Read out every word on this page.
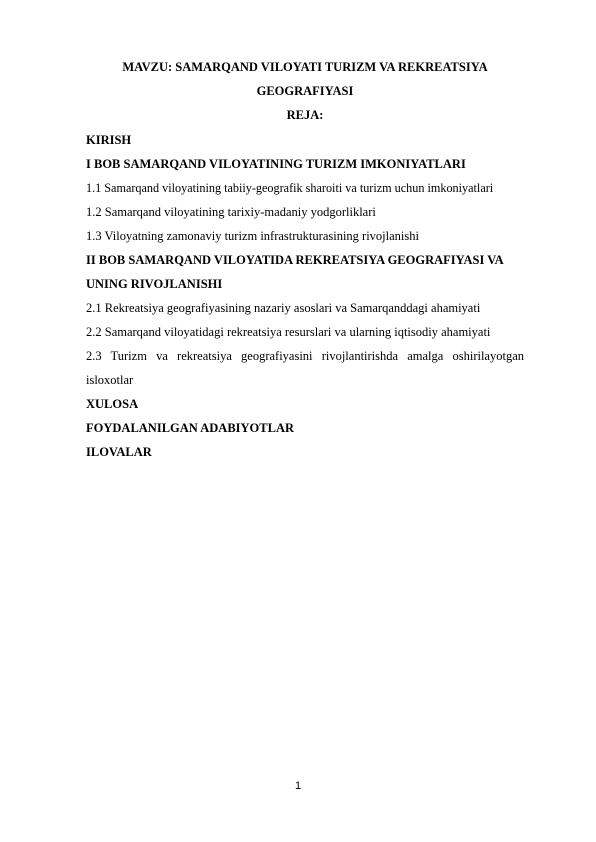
MAVZU: SAMARQAND VILOYATI TURIZM VA REKREATSIYA
GEOGRAFIYASI
REJA:
KIRISH
I BOB SAMARQAND VILOYATINING TURIZM IMKONIYATLARI
1.1 Samarqand viloyatining tabiiy-geografik sharoiti va turizm uchun imkoniyatlari
1.2 Samarqand viloyatining tarixiy-madaniy yodgorliklari
1.3 Viloyatning zamonaviy turizm infrastrukturasining rivojlanishi
II BOB SAMARQAND VILOYATIDA REKREATSIYA GEOGRAFIYASI VA
UNING RIVOJLANISHI
2.1 Rekreatsiya geografiyasining nazariy asoslari va Samarqanddagi ahamiyati
2.2 Samarqand viloyatidagi rekreatsiya resurslari va ularning iqtisodiy ahamiyati
2.3 Turizm va rekreatsiya geografiyasini rivojlantirishda amalga oshirilayotgan
isloxotlar
XULOSA
FOYDALANILGAN ADABIYOTLAR
ILOVALAR
1
